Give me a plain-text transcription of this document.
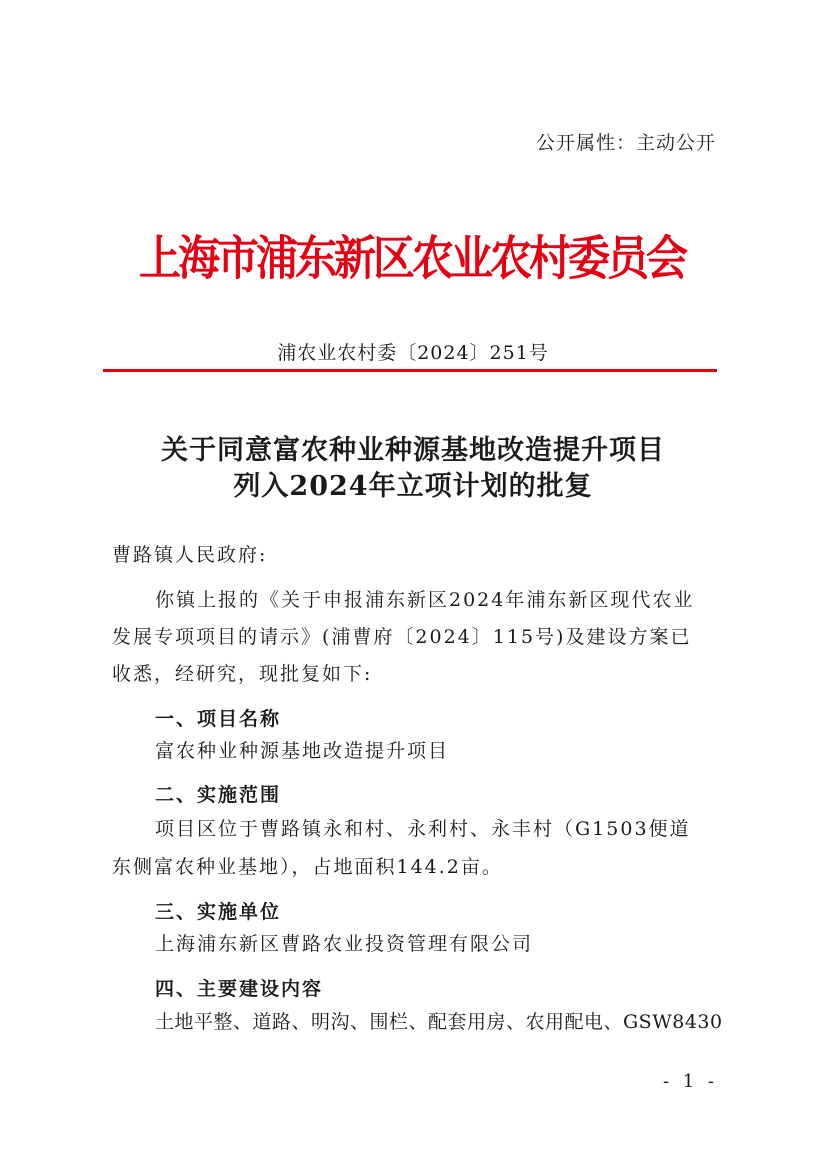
公开属性：主动公开
上海市浦东新区农业农村委员会
浦农业农村委〔2024〕251号
关于同意富农种业种源基地改造提升项目
列入2024年立项计划的批复
曹路镇人民政府:
你镇上报的《关于申报浦东新区2024年浦东新区现代农业
发展专项项目的请示》(浦曹府〔2024〕115号)及建设方案已
收悉，经研究，现批复如下:
一、项目名称
富农种业种源基地改造提升项目
二、实施范围
项目区位于曹路镇永和村、永利村、永丰村（G1503便道
东侧富农种业基地），占地面积144.2亩。
三、实施单位
上海浦东新区曹路农业投资管理有限公司
四、主要建设内容
土地平整、道路、明沟、围栏、配套用房、农用配电、GSW8430
- 1 -
